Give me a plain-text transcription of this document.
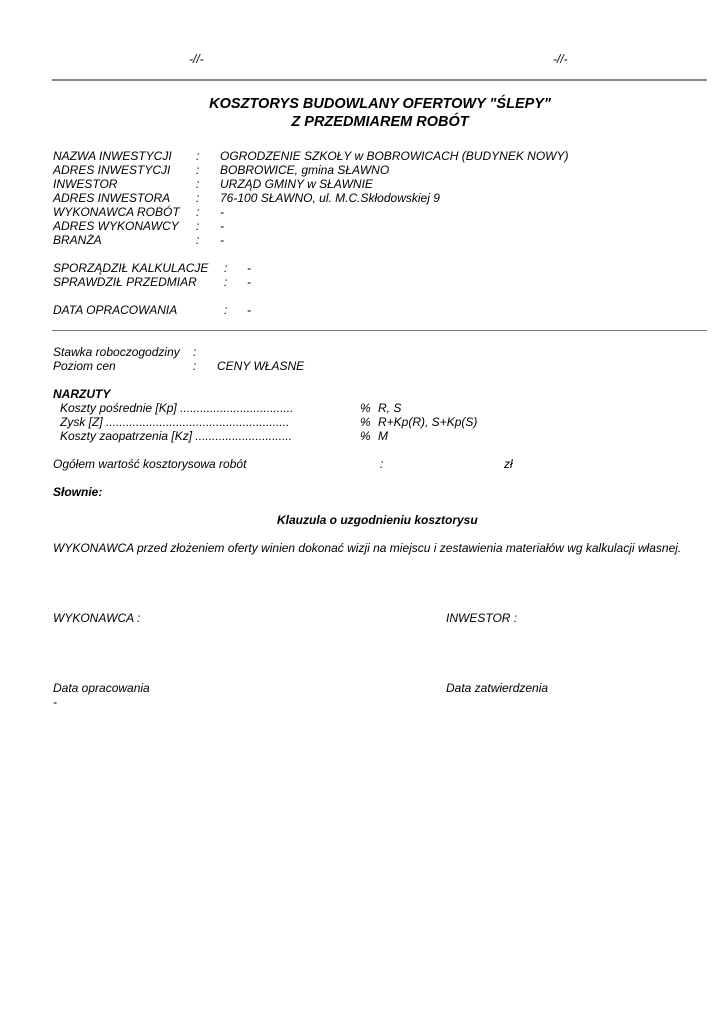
-//-	-//-
KOSZTORYS BUDOWLANY OFERTOWY "ŚLEPY"
Z PRZEDMIAREM ROBÓT
NAZWA INWESTYCJI : OGRODZENIE SZKOŁY w BOBROWICACH (BUDYNEK NOWY)
ADRES INWESTYCJI : BOBROWICE, gmina SŁAWNO
INWESTOR	: URZĄD GMINY w SŁAWNIE
ADRES INWESTORA : 76-100 SŁAWNO, ul. M.C.Skłodowskiej 9
WYKONAWCA ROBÓT : -
ADRES WYKONAWCY : -
BRANŻA	: -
SPORZĄDZIŁ KALKULACJE : -
SPRAWDZIŁ PRZEDMIAR : -
DATA OPRACOWANIA	: -
Stawka roboczogodziny :
Poziom cen	: CENY WŁASNE
NARZUTY
Koszty pośrednie [Kp] ..................................	% R, S
Zysk [Z] .......................................................	% R+Kp(R), S+Kp(S)
Koszty zaopatrzenia [Kz] .............................	% M
Ogółem wartość kosztorysowa robót	:	zł
Słownie:
Klauzula o uzgodnieniu kosztorysu
WYKONAWCA przed złożeniem oferty winien dokonać wizji na miejscu i zestawienia materiałów wg kalkulacji własnej.
WYKONAWCA :	INWESTOR :
Data opracowania	Data zatwierdzenia
-
